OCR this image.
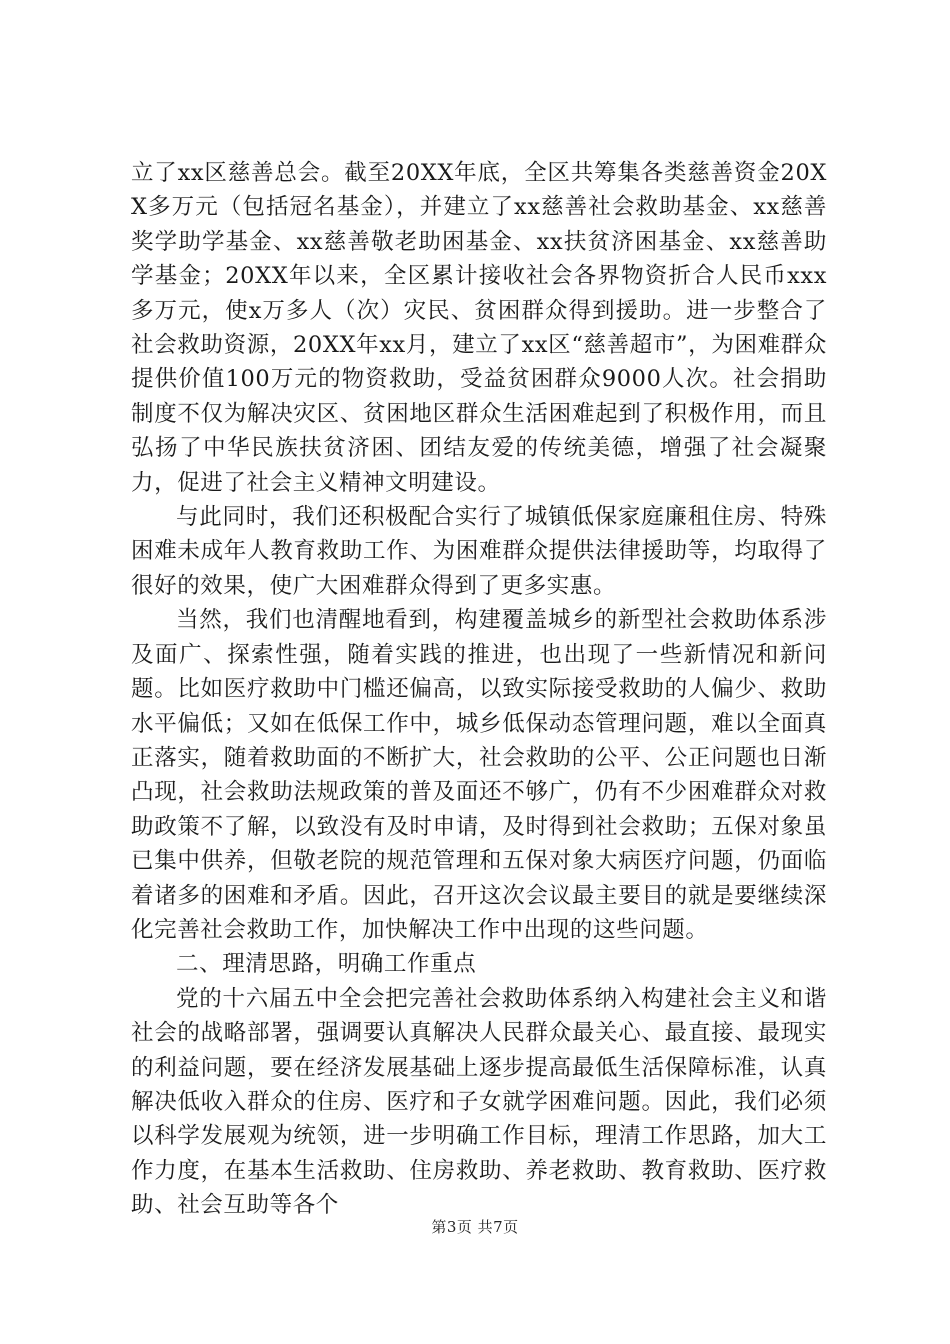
立了xx区慈善总会。截至20XX年底，全区共筹集各类慈善资金20XX多万元（包括冠名基金），并建立了xx慈善社会救助基金、xx慈善奖学助学基金、xx慈善敬老助困基金、xx扶贫济困基金、xx慈善助学基金；20XX年以来，全区累计接收社会各界物资折合人民币xxx多万元，使x万多人（次）灾民、贫困群众得到援助。进一步整合了社会救助资源，20XX年xx月，建立了xx区“慈善超市”，为困难群众提供价值100万元的物资救助，受益贫困群众9000人次。社会捐助制度不仅为解决灾区、贫困地区群众生活困难起到了积极作用，而且弘扬了中华民族扶贫济困、团结友爱的传统美德，增强了社会凝聚力，促进了社会主义精神文明建设。

与此同时，我们还积极配合实行了城镇低保家庭廉租住房、特殊困难未成年人教育救助工作、为困难群众提供法律援助等，均取得了很好的效果，使广大困难群众得到了更多实惠。

当然，我们也清醒地看到，构建覆盖城乡的新型社会救助体系涉及面广、探索性强，随着实践的推进，也出现了一些新情况和新问题。比如医疗救助中门槛还偏高，以致实际接受救助的人偏少、救助水平偏低；又如在低保工作中，城乡低保动态管理问题，难以全面真正落实，随着救助面的不断扩大，社会救助的公平、公正问题也日渐凸现，社会救助法规政策的普及面还不够广，仍有不少困难群众对救助政策不了解，以致没有及时申请，及时得到社会救助；五保对象虽已集中供养，但敬老院的规范管理和五保对象大病医疗问题，仍面临着诸多的困难和矛盾。因此，召开这次会议最主要目的就是要继续深化完善社会救助工作，加快解决工作中出现的这些问题。

二、理清思路，明确工作重点

党的十六届五中全会把完善社会救助体系纳入构建社会主义和谐社会的战略部署，强调要认真解决人民群众最关心、最直接、最现实的利益问题，要在经济发展基础上逐步提高最低生活保障标准，认真解决低收入群众的住房、医疗和子女就学困难问题。因此，我们必须以科学发展观为统领，进一步明确工作目标，理清工作思路，加大工作力度，在基本生活救助、住房救助、养老救助、教育救助、医疗救助、社会互助等各个

第3页 共7页
